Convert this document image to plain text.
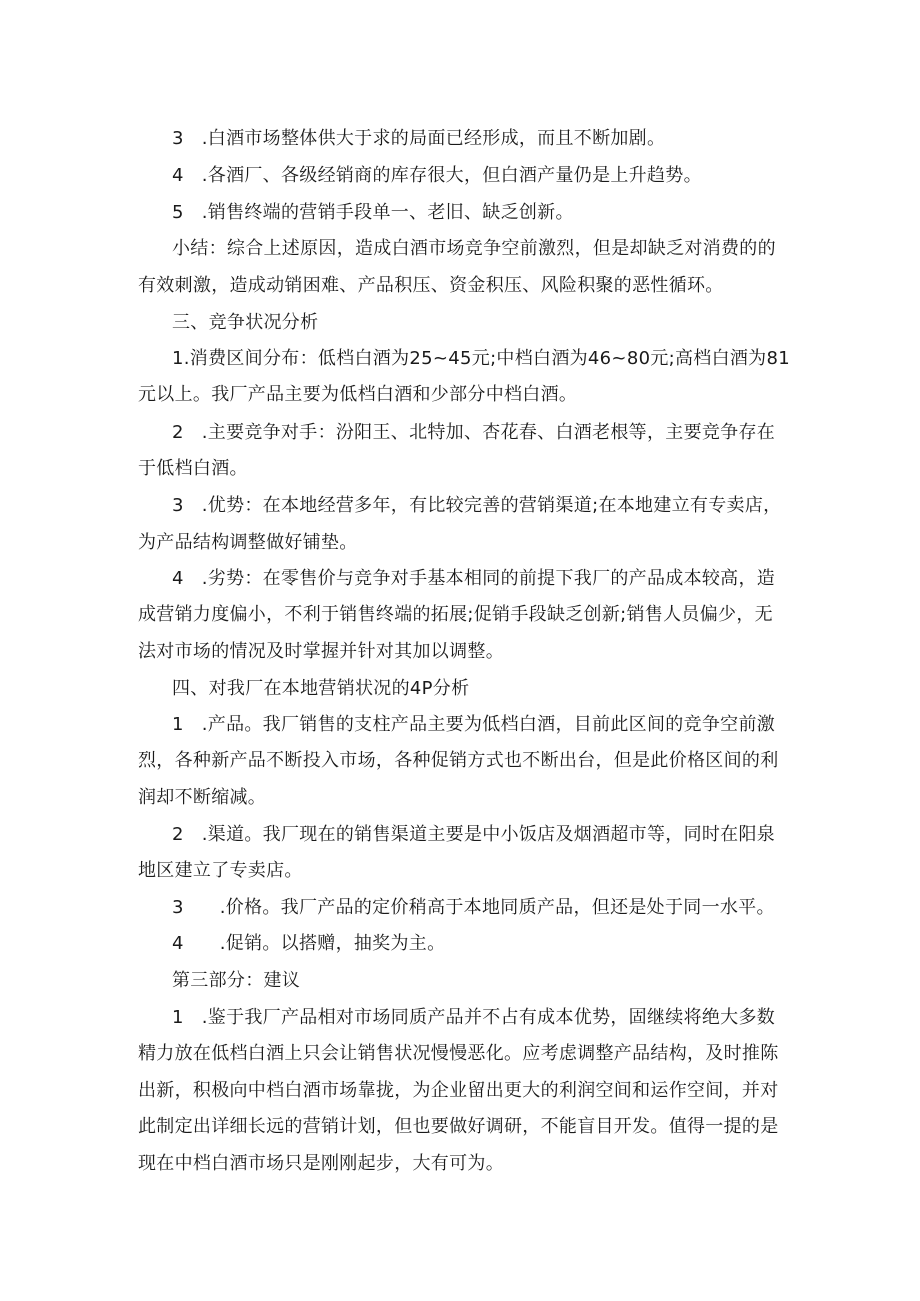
3 .白酒市场整体供大于求的局面已经形成，而且不断加剧。
4 .各酒厂、各级经销商的库存很大，但白酒产量仍是上升趋势。
5 .销售终端的营销手段单一、老旧、缺乏创新。
小结：综合上述原因，造成白酒市场竞争空前激烈，但是却缺乏对消费的的
有效刺激，造成动销困难、产品积压、资金积压、风险积聚的恶性循环。
三、竞争状况分析
1.消费区间分布：低档白酒为25~45元;中档白酒为46~80元;高档白酒为81
元以上。我厂产品主要为低档白酒和少部分中档白酒。
2 .主要竞争对手：汾阳王、北特加、杏花春、白酒老根等，主要竞争存在
于低档白酒。
3 .优势：在本地经营多年，有比较完善的营销渠道;在本地建立有专卖店，
为产品结构调整做好铺垫。
4 .劣势：在零售价与竞争对手基本相同的前提下我厂的产品成本较高，造
成营销力度偏小，不利于销售终端的拓展;促销手段缺乏创新;销售人员偏少，无
法对市场的情况及时掌握并针对其加以调整。
四、对我厂在本地营销状况的4P分析
1 .产品。我厂销售的支柱产品主要为低档白酒，目前此区间的竞争空前激
烈，各种新产品不断投入市场，各种促销方式也不断出台，但是此价格区间的利
润却不断缩减。
2 .渠道。我厂现在的销售渠道主要是中小饭店及烟酒超市等，同时在阳泉
地区建立了专卖店。
3 .价格。我厂产品的定价稍高于本地同质产品，但还是处于同一水平。
4 .促销。以搭赠，抽奖为主。
第三部分：建议
1 .鉴于我厂产品相对市场同质产品并不占有成本优势，固继续将绝大多数
精力放在低档白酒上只会让销售状况慢慢恶化。应考虑调整产品结构，及时推陈
出新，积极向中档白酒市场靠拢，为企业留出更大的利润空间和运作空间，并对
此制定出详细长远的营销计划，但也要做好调研，不能盲目开发。值得一提的是
现在中档白酒市场只是刚刚起步，大有可为。
